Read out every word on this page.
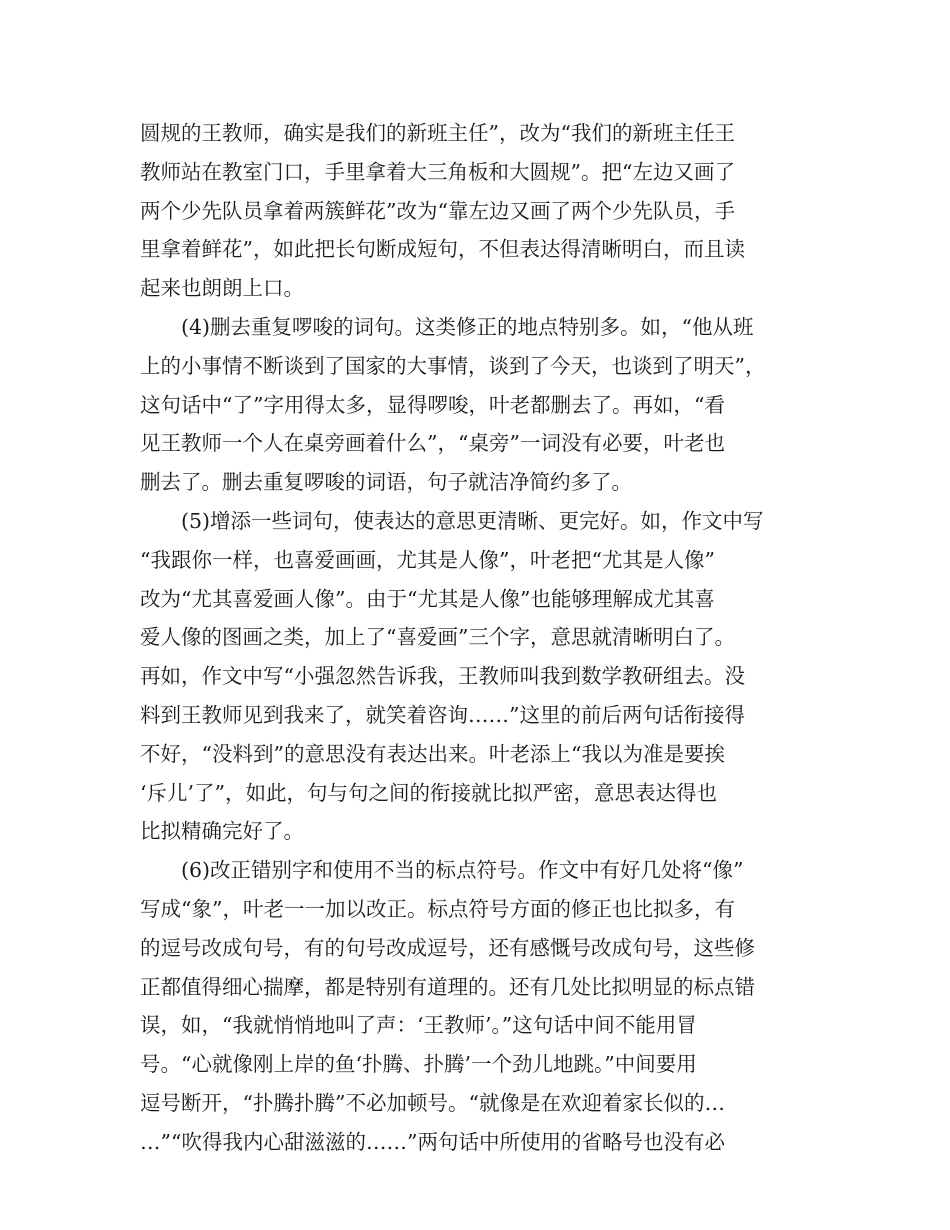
圆规的王教师，确实是我们的新班主任”，改为“我们的新班主任王
教师站在教室门口，手里拿着大三角板和大圆规”。把“左边又画了
两个少先队员拿着两簇鲜花”改为“靠左边又画了两个少先队员，手
里拿着鲜花”，如此把长句断成短句，不但表达得清晰明白，而且读
起来也朗朗上口。
(4)删去重复啰唆的词句。这类修正的地点特别多。如，“他从班
上的小事情不断谈到了国家的大事情，谈到了今天，也谈到了明天”，
这句话中“了”字用得太多，显得啰唆，叶老都删去了。再如，“看
见王教师一个人在桌旁画着什么”，“桌旁”一词没有必要，叶老也
删去了。删去重复啰唆的词语，句子就洁净简约多了。
(5)增添一些词句，使表达的意思更清晰、更完好。如，作文中写
“我跟你一样，也喜爱画画，尤其是人像”，叶老把“尤其是人像”
改为“尤其喜爱画人像”。由于“尤其是人像”也能够理解成尤其喜
爱人像的图画之类，加上了“喜爱画”三个字，意思就清晰明白了。
再如，作文中写“小强忽然告诉我，王教师叫我到数学教研组去。没
料到王教师见到我来了，就笑着咨询……”这里的前后两句话衔接得
不好，“没料到”的意思没有表达出来。叶老添上“我以为准是要挨
‘斥儿’了”，如此，句与句之间的衔接就比拟严密，意思表达得也
比拟精确完好了。
(6)改正错别字和使用不当的标点符号。作文中有好几处将“像”
写成“象”，叶老一一加以改正。标点符号方面的修正也比拟多，有
的逗号改成句号，有的句号改成逗号，还有感慨号改成句号，这些修
正都值得细心揣摩，都是特别有道理的。还有几处比拟明显的标点错
误，如，“我就悄悄地叫了声：‘王教师’。”这句话中间不能用冒
号。“心就像刚上岸的鱼‘扑腾、扑腾’一个劲儿地跳。”中间要用
逗号断开，“扑腾扑腾”不必加顿号。“就像是在欢迎着家长似的…
…”“吹得我内心甜滋滋的……”两句话中所使用的省略号也没有必
